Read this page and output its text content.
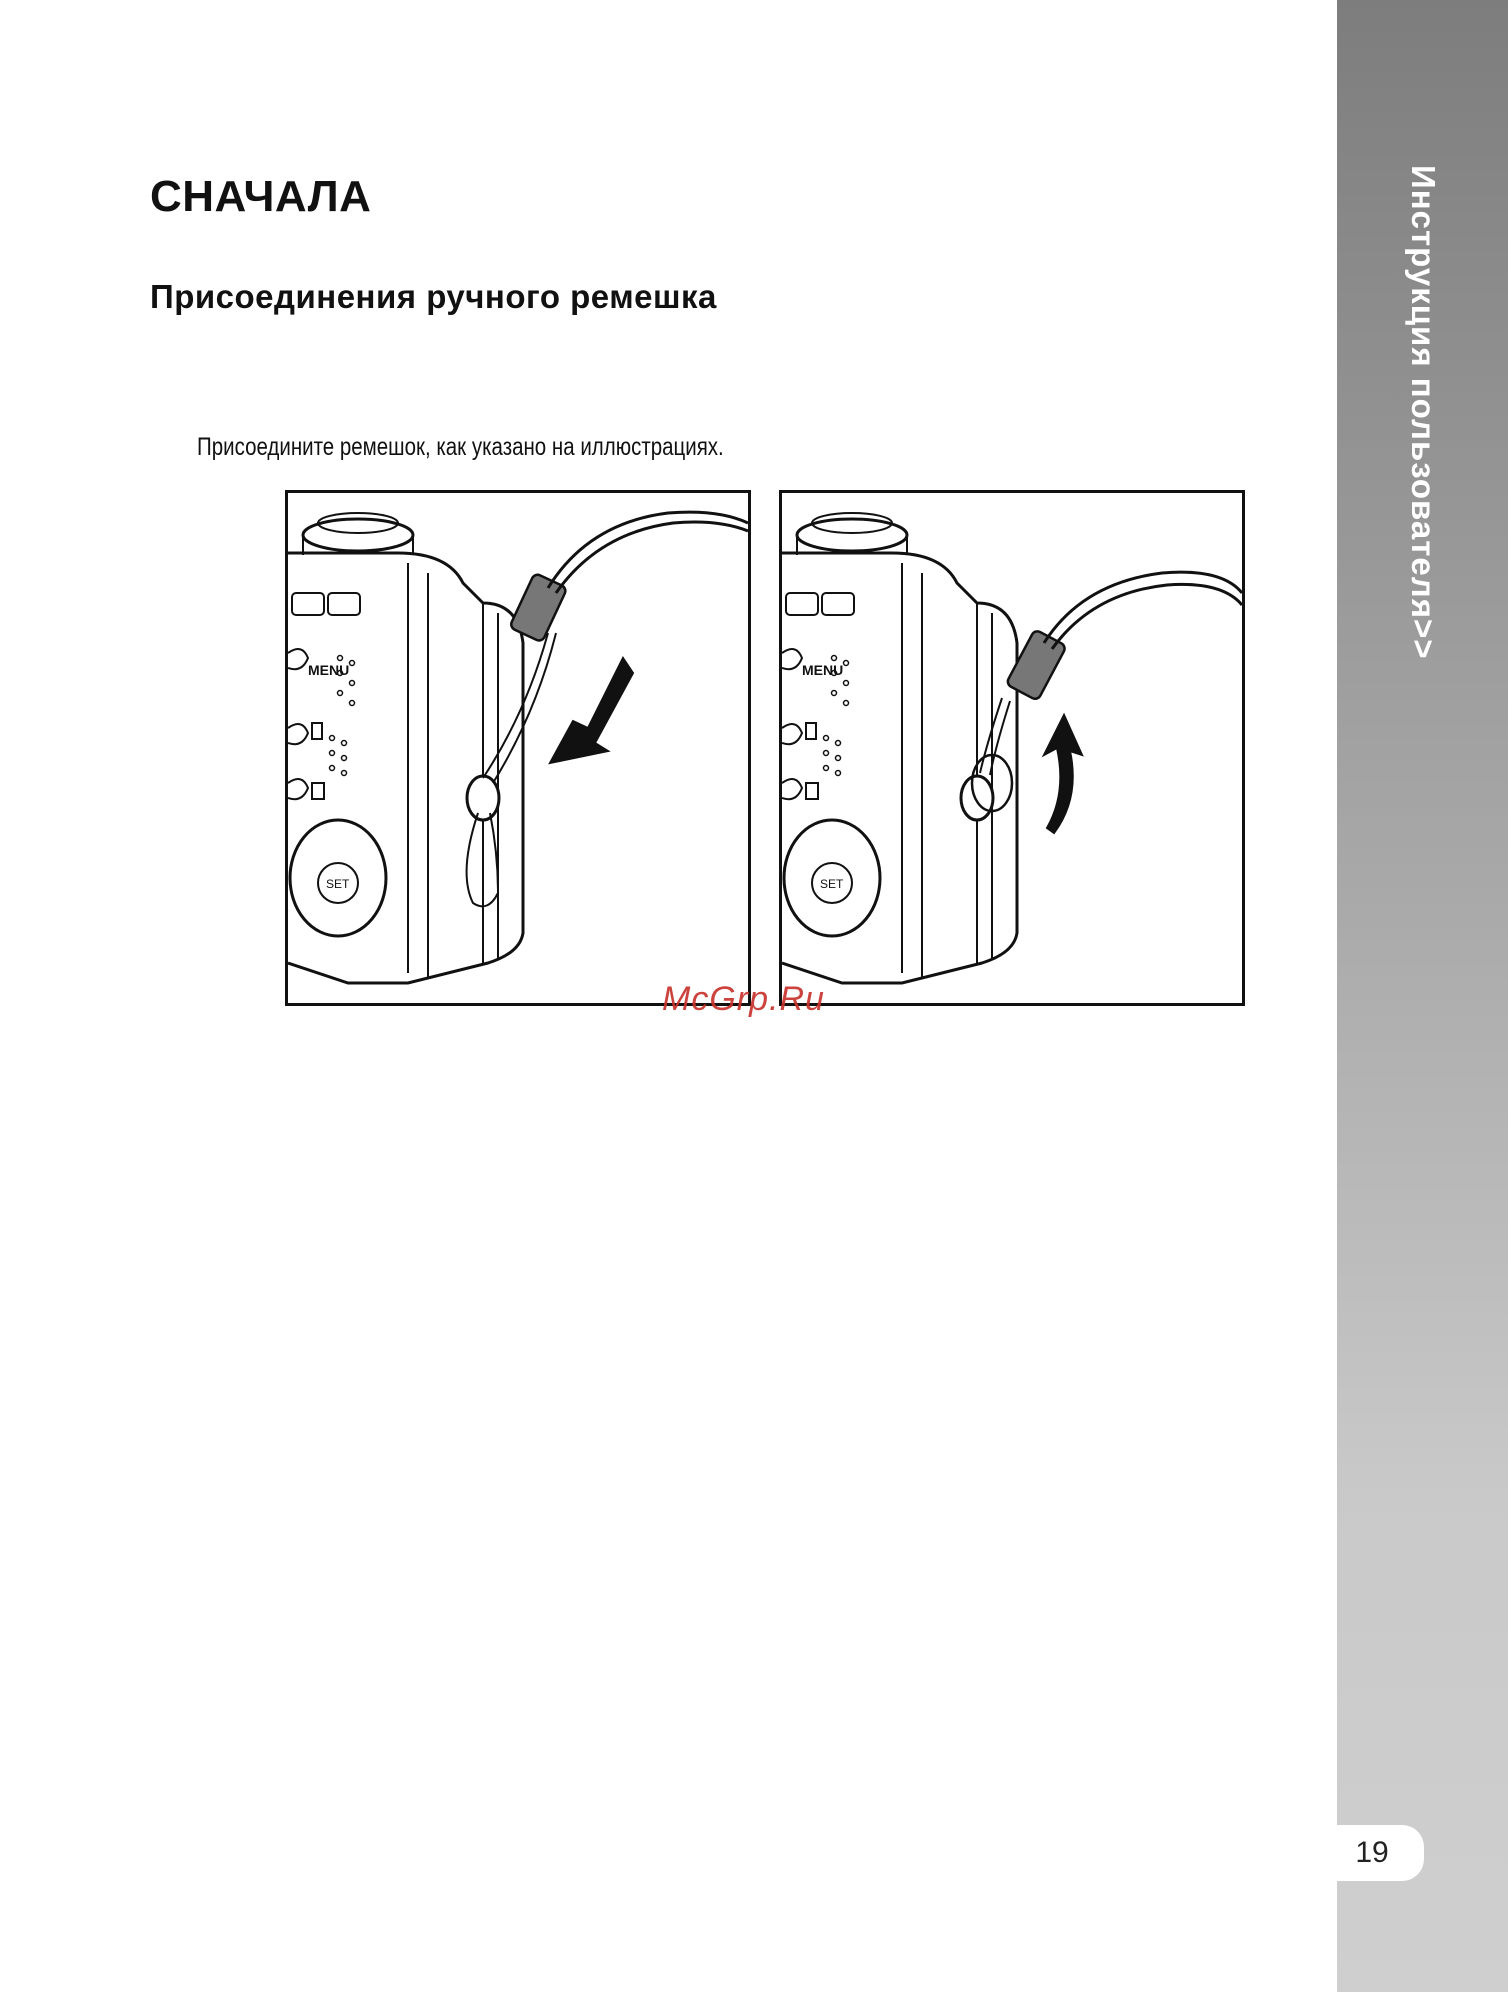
Инструкция пользователя>>
19
СНАЧАЛА
Присоединения ручного ремешка

Присоедините ремешок, как указано на иллюстрациях.

MENU
SET
MENU
SET
McGrp.Ru
